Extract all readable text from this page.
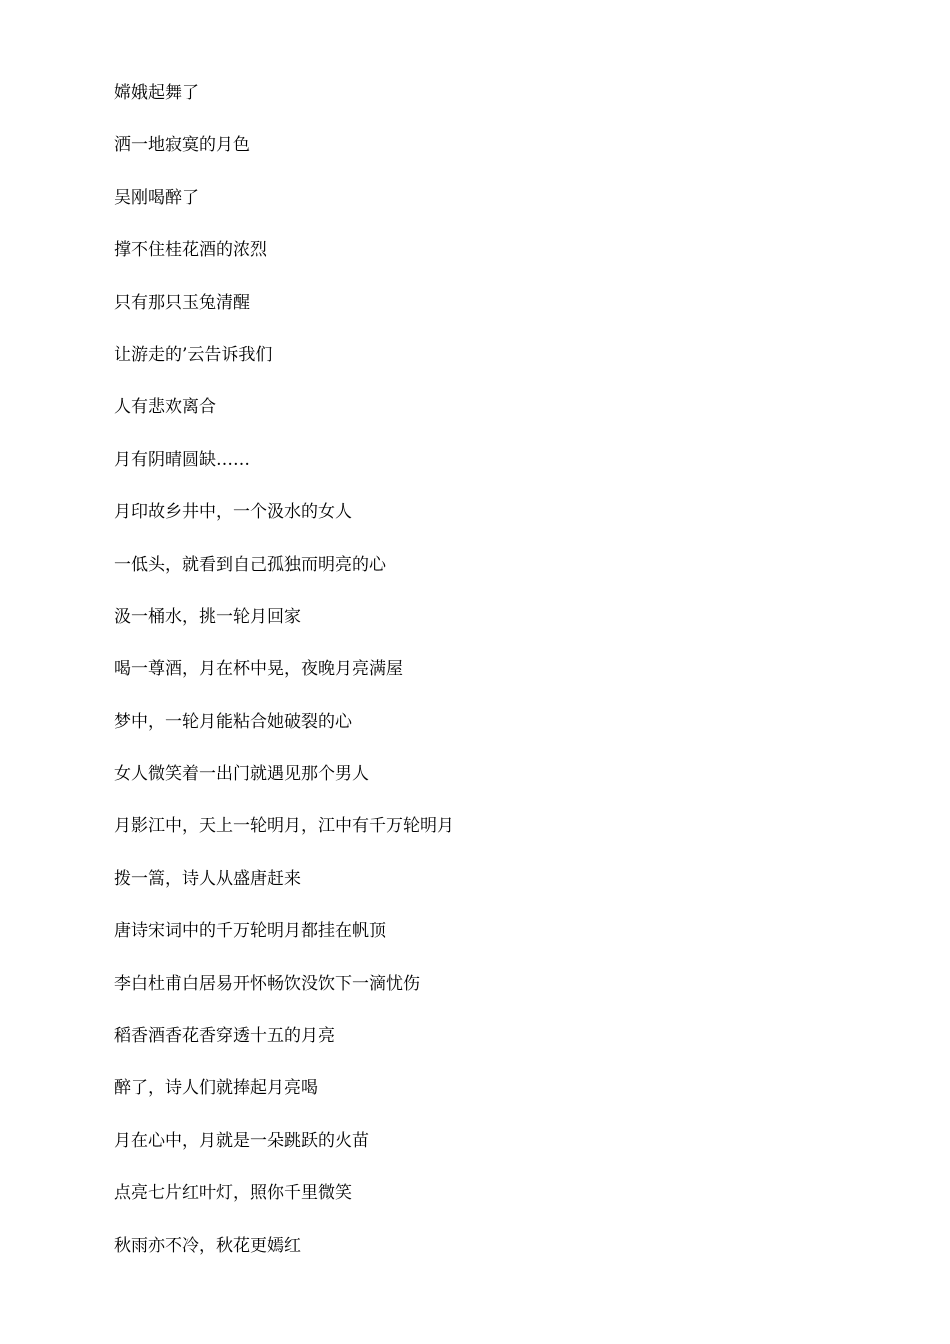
嫦娥起舞了
洒一地寂寞的月色
吴刚喝醉了
撑不住桂花酒的浓烈
只有那只玉兔清醒
让游走的’云告诉我们
人有悲欢离合
月有阴晴圆缺……
月印故乡井中，一个汲水的女人
一低头，就看到自己孤独而明亮的心
汲一桶水，挑一轮月回家
喝一尊酒，月在杯中晃，夜晚月亮满屋
梦中，一轮月能粘合她破裂的心
女人微笑着一出门就遇见那个男人
月影江中，天上一轮明月，江中有千万轮明月
拨一篙，诗人从盛唐赶来
唐诗宋词中的千万轮明月都挂在帆顶
李白杜甫白居易开怀畅饮没饮下一滴忧伤
稻香酒香花香穿透十五的月亮
醉了，诗人们就捧起月亮喝
月在心中，月就是一朵跳跃的火苗
点亮七片红叶灯，照你千里微笑
秋雨亦不冷，秋花更嫣红
